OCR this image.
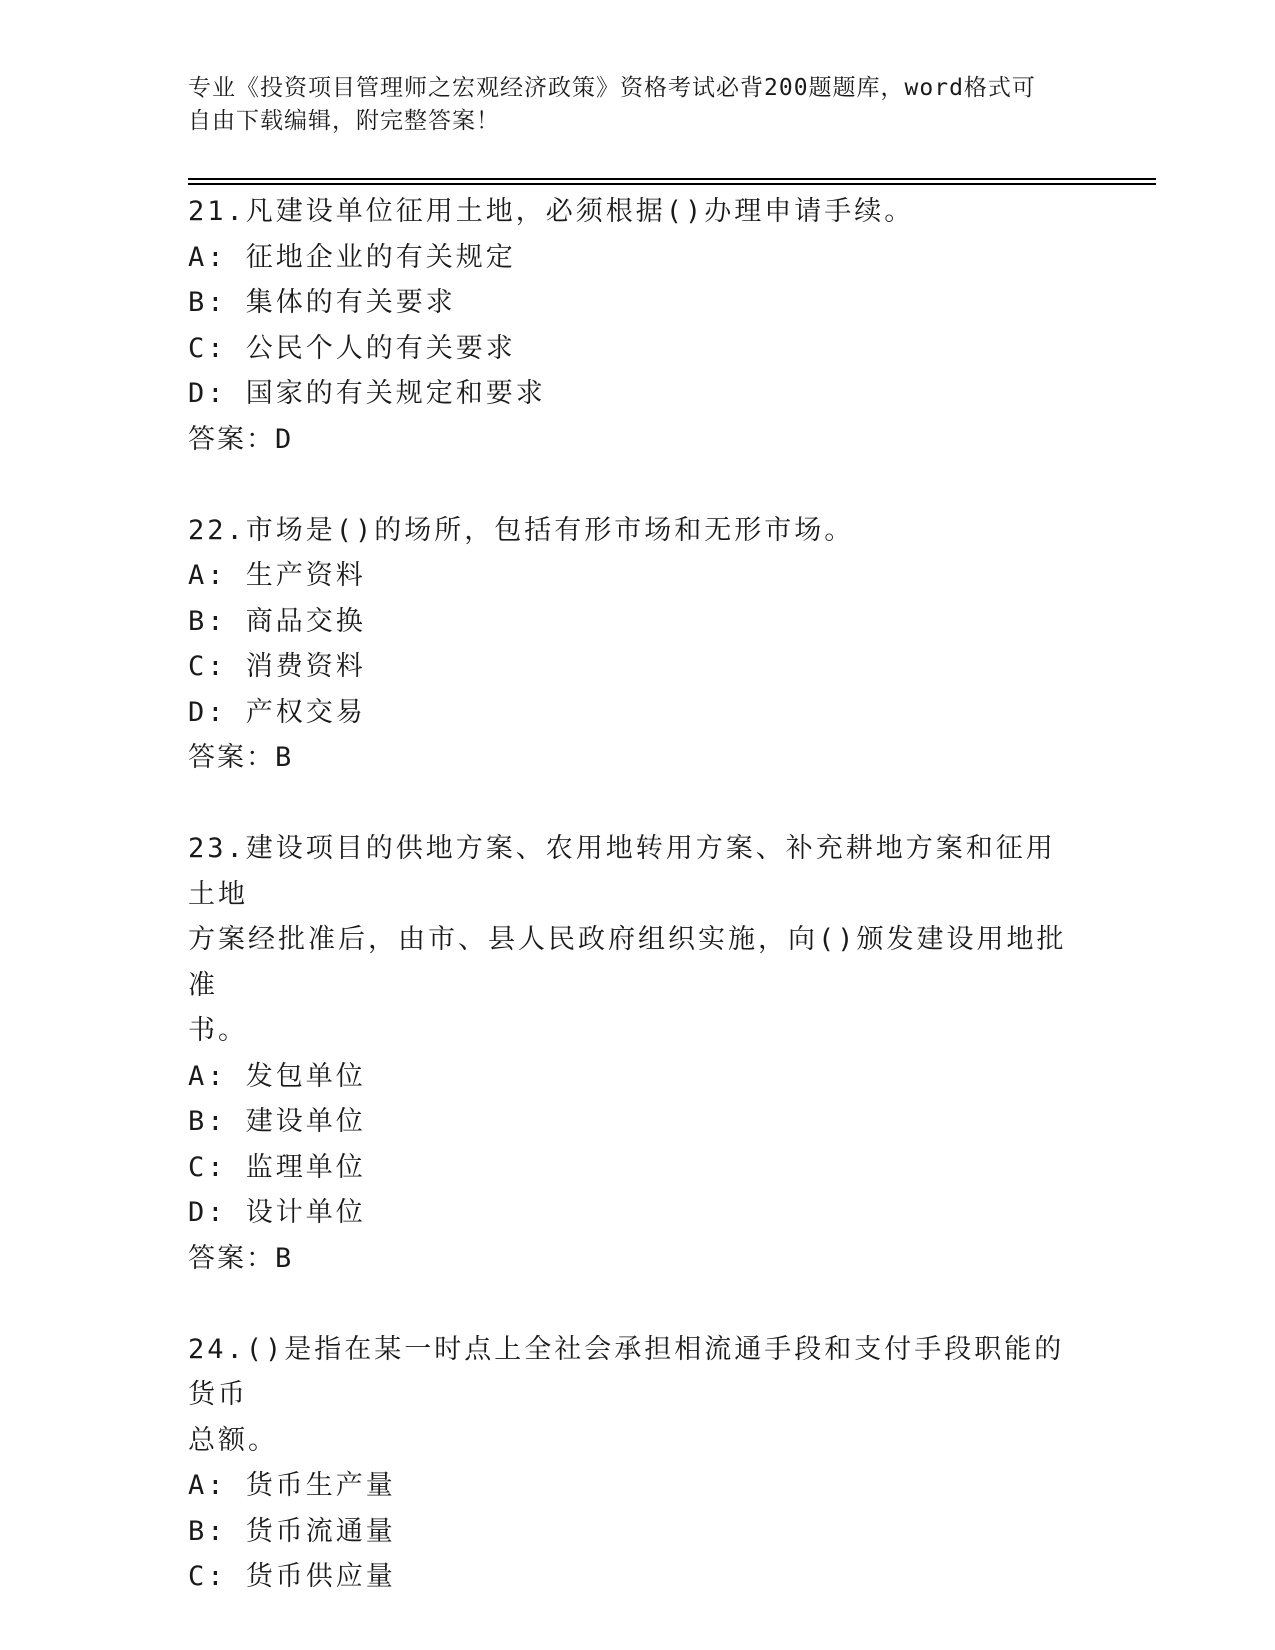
专业《投资项目管理师之宏观经济政策》资格考试必背200题题库，word格式可
自由下载编辑，附完整答案！
21.凡建设单位征用土地，必须根据()办理申请手续。
A: 征地企业的有关规定
B: 集体的有关要求
C: 公民个人的有关要求
D: 国家的有关规定和要求
答案：D
22.市场是()的场所，包括有形市场和无形市场。
A: 生产资料
B: 商品交换
C: 消费资料
D: 产权交易
答案：B
23.建设项目的供地方案、农用地转用方案、补充耕地方案和征用土地
方案经批准后，由市、县人民政府组织实施，向()颁发建设用地批准
书。
A: 发包单位
B: 建设单位
C: 监理单位
D: 设计单位
答案：B
24.()是指在某一时点上全社会承担相流通手段和支付手段职能的货币
总额。
A: 货币生产量
B: 货币流通量
C: 货币供应量
